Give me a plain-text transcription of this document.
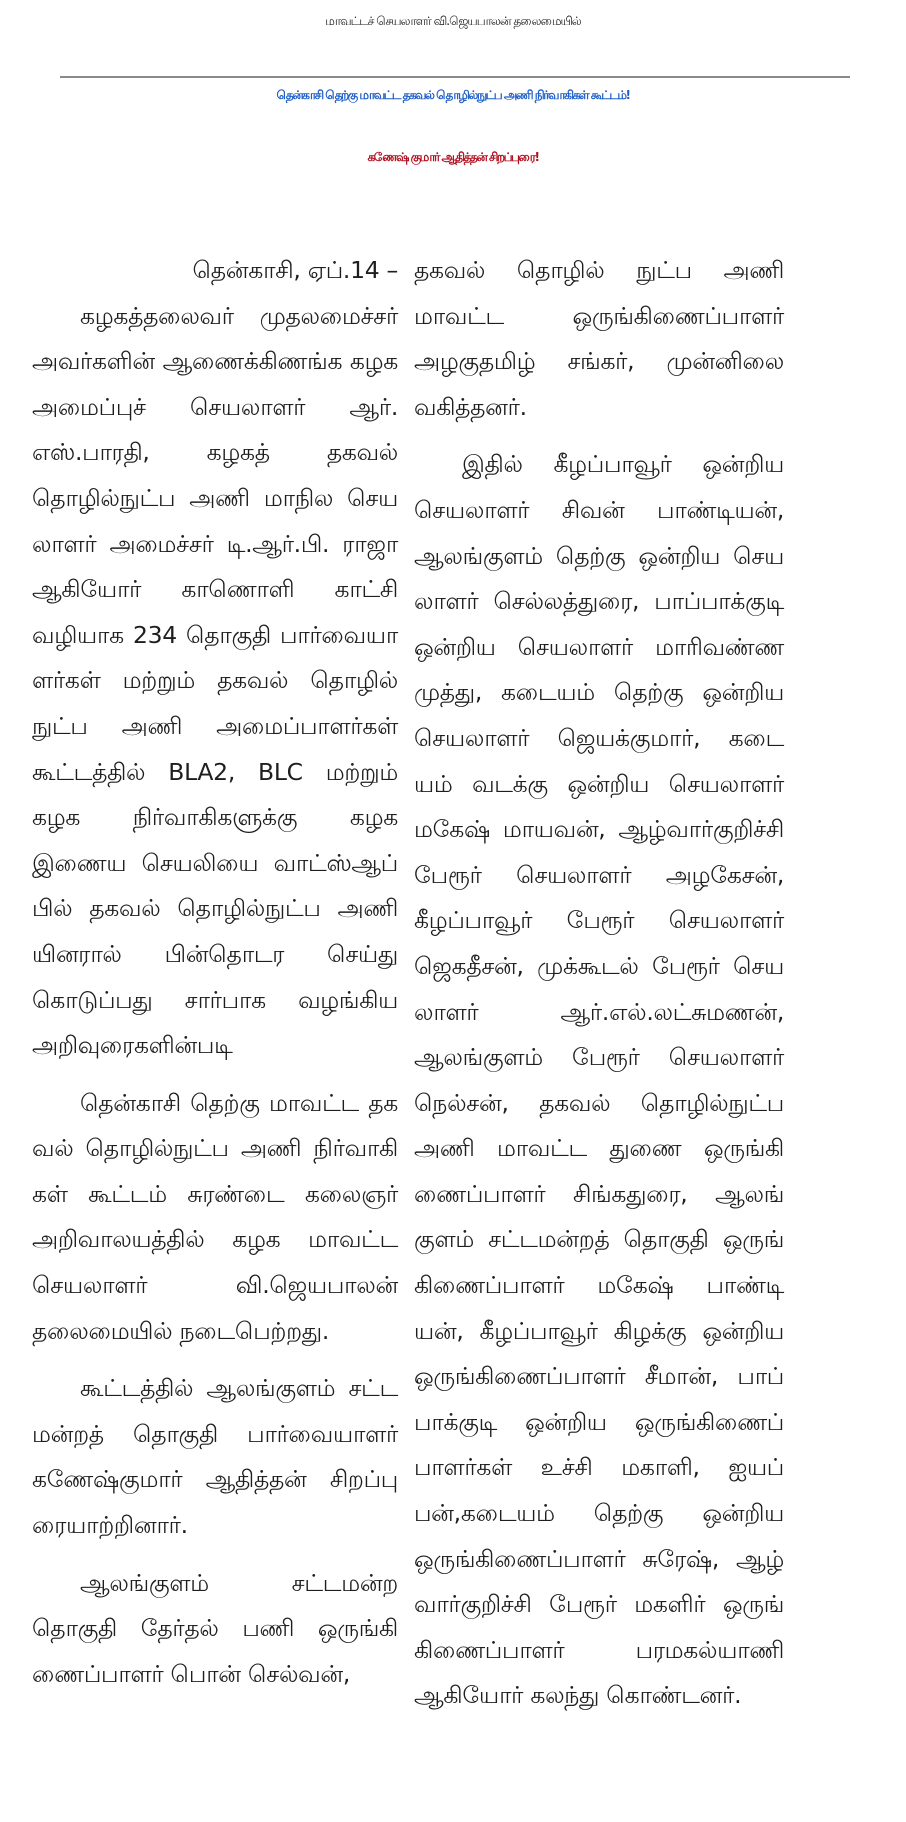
மாவட்டச் செயலாளர் வி.ஜெயபாலன் தலைமையில்
தென்காசி தெற்கு மாவட்ட தகவல் தொழில்நுட்ப அணி நிர்வாகிகள் கூட்டம்!
கணேஷ் குமார் ஆதித்தன் சிறப்புரை!

தென்காசி, ஏப்.14 –

கழகத்தலைவர் முதலமைச்சர் அவர்களின் ஆணைக்கிணங்க கழக அமைப்புச் செயலாளர் ஆர். எஸ்.பாரதி, கழகத் தகவல் தொழில்நுட்ப அணி மாநில செய லாளர் அமைச்சர் டி.ஆர்.பி. ராஜா ஆகியோர் காணொளி காட்சி வழியாக 234 தொகுதி பார்வையா ளர்கள் மற்றும் தகவல் தொழில் நுட்ப அணி அமைப்பாளர்கள் கூட்டத்தில் BLA2, BLC மற்றும் கழக நிர்வாகிகளுக்கு கழக இணைய செயலியை வாட்ஸ்ஆப் பில் தகவல் தொழில்நுட்ப அணி யினரால் பின்தொடர செய்து கொடுப்பது சார்பாக வழங்கிய அறிவுரைகளின்படி

தென்காசி தெற்கு மாவட்ட தக வல் தொழில்நுட்ப அணி நிர்வாகி கள் கூட்டம் சுரண்டை கலைஞர் அறிவாலயத்தில் கழக மாவட்ட செயலாளர் வி.ஜெயபாலன் தலைமையில் நடைபெற்றது.

கூட்டத்தில் ஆலங்குளம் சட்ட மன்றத் தொகுதி பார்வையாளர் கணேஷ்குமார் ஆதித்தன் சிறப்பு ரையாற்றினார்.

ஆலங்குளம் சட்டமன்ற தொகுதி தேர்தல் பணி ஒருங்கி ணைப்பாளர் பொன் செல்வன்,

தகவல் தொழில் நுட்ப அணி மாவட்ட ஒருங்கிணைப்பாளர் அழகுதமிழ் சங்கர், முன்னிலை வகித்தனர்.

இதில் கீழப்பாவூர் ஒன்றிய செயலாளர் சிவன் பாண்டியன், ஆலங்குளம் தெற்கு ஒன்றிய செய லாளர் செல்லத்துரை, பாப்பாக்குடி ஒன்றிய செயலாளர் மாரிவண்ண முத்து, கடையம் தெற்கு ஒன்றிய செயலாளர் ஜெயக்குமார், கடை யம் வடக்கு ஒன்றிய செயலாளர் மகேஷ் மாயவன், ஆழ்வார்குறிச்சி பேரூர் செயலாளர் அழகேசன், கீழப்பாவூர் பேரூர் செயலாளர் ஜெகதீசன், முக்கூடல் பேரூர் செய லாளர் ஆர்.எல்.லட்சுமணன், ஆலங்குளம் பேரூர் செயலாளர் நெல்சன், தகவல் தொழில்நுட்ப அணி மாவட்ட துணை ஒருங்கி ணைப்பாளர் சிங்கதுரை, ஆலங் குளம் சட்டமன்றத் தொகுதி ஒருங் கிணைப்பாளர் மகேஷ் பாண்டி யன், கீழப்பாவூர் கிழக்கு ஒன்றிய ஒருங்கிணைப்பாளர் சீமான், பாப் பாக்குடி ஒன்றிய ஒருங்கிணைப் பாளர்கள் உச்சி மகாளி, ஐயப் பன்,கடையம் தெற்கு ஒன்றிய ஒருங்கிணைப்பாளர் சுரேஷ், ஆழ் வார்குறிச்சி பேரூர் மகளிர் ஒருங் கிணைப்பாளர் பரமகல்யாணி ஆகியோர் கலந்து கொண்டனர்.
